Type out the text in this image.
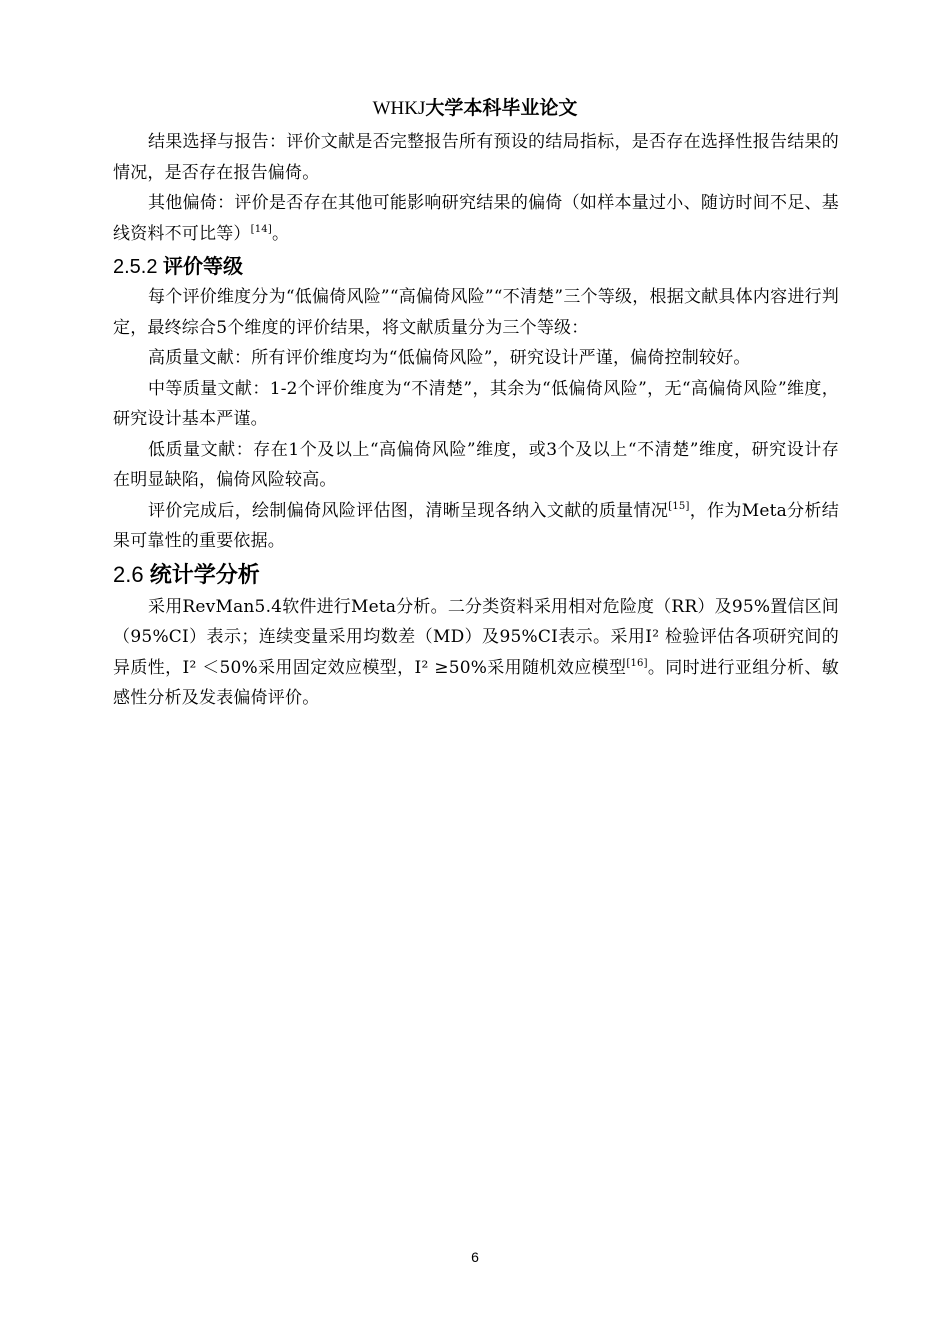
WHKJ大学本科毕业论文

结果选择与报告：评价文献是否完整报告所有预设的结局指标，是否存在选择性报告结果的情况，是否存在报告偏倚。

其他偏倚：评价是否存在其他可能影响研究结果的偏倚（如样本量过小、随访时间不足、基线资料不可比等）[14]。

2.5.2 评价等级

每个评价维度分为“低偏倚风险”“高偏倚风险”“不清楚”三个等级，根据文献具体内容进行判定，最终综合5个维度的评价结果，将文献质量分为三个等级：

高质量文献：所有评价维度均为“低偏倚风险”，研究设计严谨，偏倚控制较好。

中等质量文献：1-2个评价维度为“不清楚”，其余为“低偏倚风险”，无“高偏倚风险”维度，研究设计基本严谨。

低质量文献：存在1个及以上“高偏倚风险”维度，或3个及以上“不清楚”维度，研究设计存在明显缺陷，偏倚风险较高。

评价完成后，绘制偏倚风险评估图，清晰呈现各纳入文献的质量情况[15]，作为Meta分析结果可靠性的重要依据。

2.6 统计学分析

采用RevMan5.4软件进行Meta分析。二分类资料采用相对危险度（RR）及95%置信区间（95%CI）表示；连续变量采用均数差（MD）及95%CI表示。采用I² 检验评估各项研究间的异质性，I² ＜50%采用固定效应模型，I² ≥50%采用随机效应模型[16]。同时进行亚组分析、敏感性分析及发表偏倚评价。

6
